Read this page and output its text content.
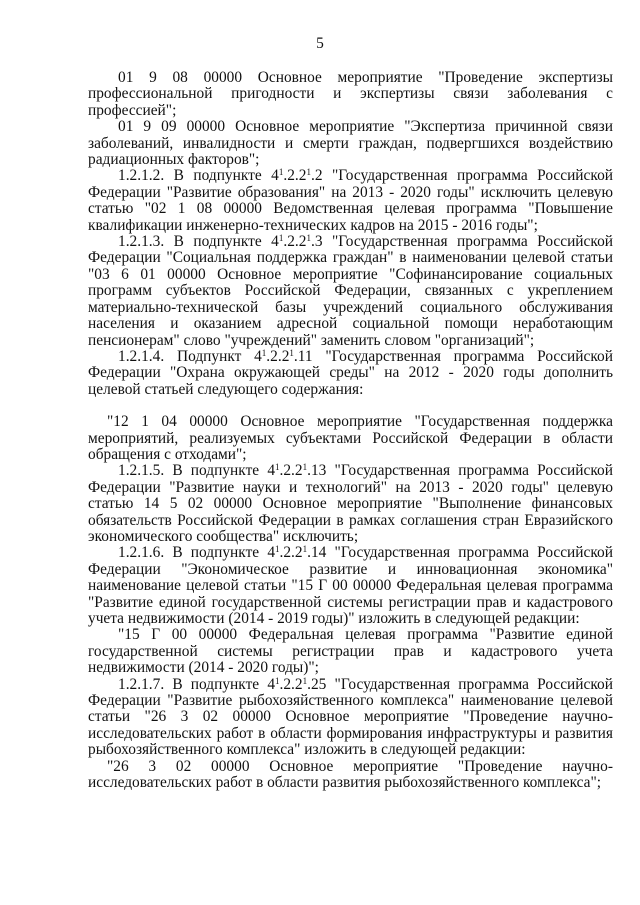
5

01 9 08 00000 Основное мероприятие "Проведение экспертизы профессиональной пригодности и экспертизы связи заболевания с профессией";

01 9 09 00000 Основное мероприятие "Экспертиза причинной связи заболеваний, инвалидности и смерти граждан, подвергшихся воздействию радиационных факторов";

1.2.1.2. В подпункте $4^1.2.2^1.2$ "Государственная программа Российской Федерации "Развитие образования" на 2013 - 2020 годы" исключить целевую статью "02 1 08 00000 Ведомственная целевая программа "Повышение квалификации инженерно-технических кадров на 2015 - 2016 годы";

1.2.1.3. В подпункте $4^1.2.2^1.3$ "Государственная программа Российской Федерации "Социальная поддержка граждан" в наименовании целевой статьи "03 6 01 00000 Основное мероприятие "Софинансирование социальных программ субъектов Российской Федерации, связанных с укреплением материально-технической базы учреждений социального обслуживания населения и оказанием адресной социальной помощи неработающим пенсионерам" слово "учреждений" заменить словом "организаций";

1.2.1.4. Подпункт $4^1.2.2^1.11$ "Государственная программа Российской Федерации "Охрана окружающей среды" на 2012 - 2020 годы дополнить целевой статьей следующего содержания:

"12 1 04 00000 Основное мероприятие "Государственная поддержка мероприятий, реализуемых субъектами Российской Федерации в области обращения с отходами";

1.2.1.5. В подпункте $4^1.2.2^1.13$ "Государственная программа Российской Федерации "Развитие науки и технологий" на 2013 - 2020 годы" целевую статью 14 5 02 00000 Основное мероприятие "Выполнение финансовых обязательств Российской Федерации в рамках соглашения стран Евразийского экономического сообщества" исключить;

1.2.1.6. В подпункте $4^1.2.2^1.14$ "Государственная программа Российской Федерации "Экономическое развитие и инновационная экономика" наименование целевой статьи "15 Г 00 00000 Федеральная целевая программа "Развитие единой государственной системы регистрации прав и кадастрового учета недвижимости (2014 - 2019 годы)" изложить в следующей редакции:

"15 Г 00 00000 Федеральная целевая программа "Развитие единой государственной системы регистрации прав и кадастрового учета недвижимости (2014 - 2020 годы)";

1.2.1.7. В подпункте $4^1.2.2^1.25$ "Государственная программа Российской Федерации "Развитие рыбохозяйственного комплекса" наименование целевой статьи "26 3 02 00000 Основное мероприятие "Проведение научно-исследовательских работ в области формирования инфраструктуры и развития рыбохозяйственного комплекса" изложить в следующей редакции:

"26 3 02 00000 Основное мероприятие "Проведение научно-исследовательских работ в области развития рыбохозяйственного комплекса";
